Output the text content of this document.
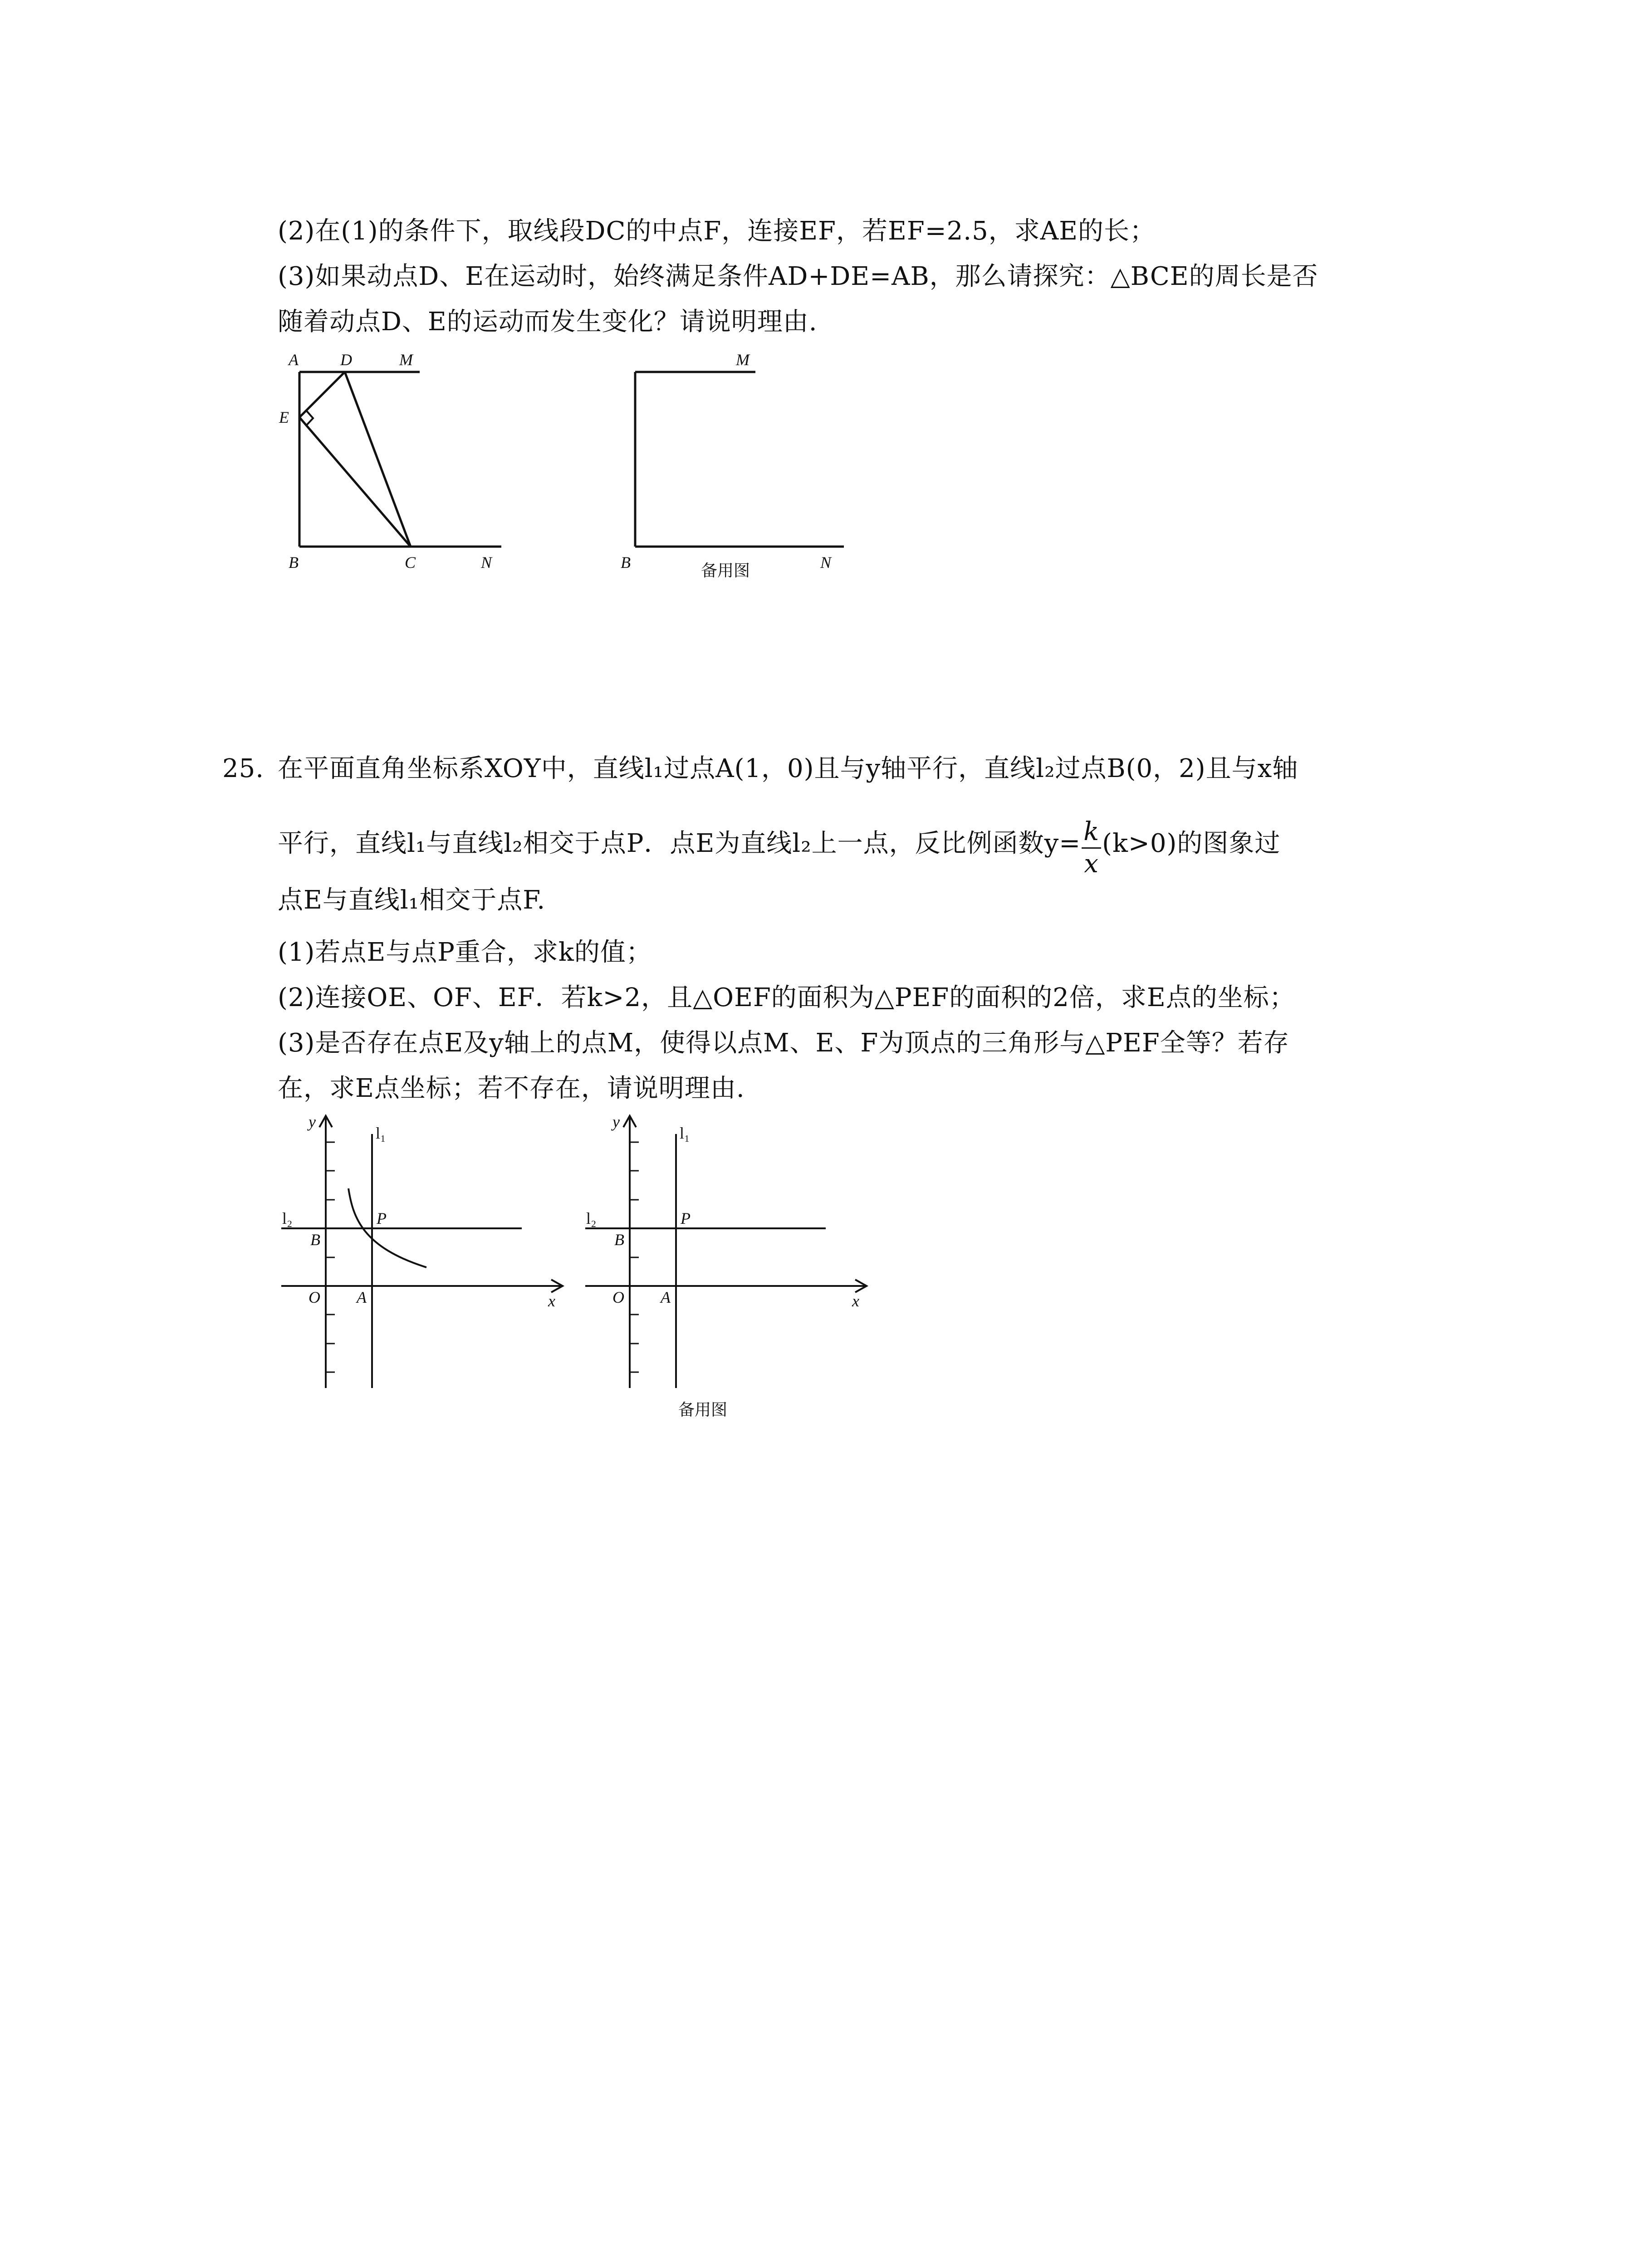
(2)在(1)的条件下，取线段DC的中点F，连接EF，若EF=2.5，求AE的长；
(3)如果动点D、E在运动时，始终满足条件AD+DE=AB，那么请探究：△BCE的周长是否
随着动点D、E的运动而发生变化？请说明理由.
A	D	M
E
B	C	N
M
B	N
备用图
25. 在平面直角坐标系XOY中，直线l₁过点A(1，0)且与y轴平行，直线l₂过点B(0，2)且与x轴
平行，直线l₁与直线l₂相交于点P．点E为直线l₂上一点，反比例函数$y= \frac{k}{x} (k>0)$的图象过
点E与直线l₁相交于点F.
(1)若点E与点P重合，求k的值；
(2)连接OE、OF、EF．若k>2，且△OEF的面积为△PEF的面积的2倍，求E点的坐标；
(3)是否存在点E及y轴上的点M，使得以点M、E、F为顶点的三角形与△PEF全等？若存
在，求E点坐标；若不存在，请说明理由.
y
l₁
l₂	P
B
O A	x
y
l₁
l₂	P
B
O A	x
备用图
